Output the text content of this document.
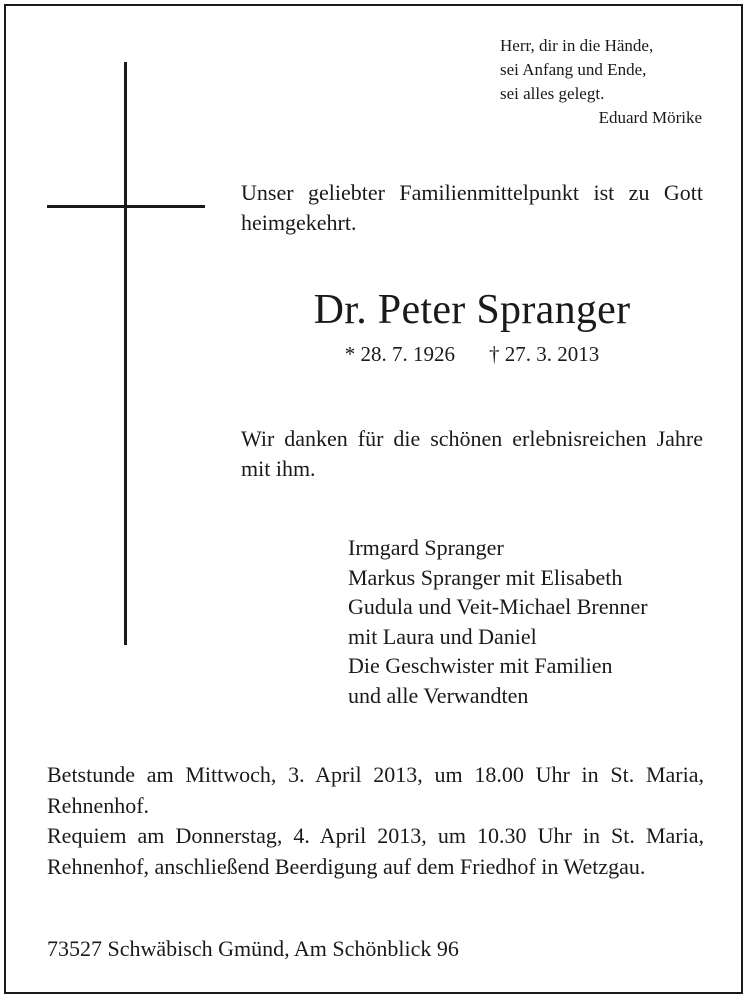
Herr, dir in die Hände,
sei Anfang und Ende,
sei alles gelegt.
Eduard Mörike
Unser geliebter Familienmittelpunkt ist zu Gott heimgekehrt.
Dr. Peter Spranger
* 28. 7. 1926 † 27. 3. 2013
Wir danken für die schönen erlebnisreichen Jahre mit ihm.
Irmgard Spranger
Markus Spranger mit Elisabeth
Gudula und Veit-Michael Brenner
mit Laura und Daniel
Die Geschwister mit Familien
und alle Verwandten

Betstunde am Mittwoch, 3. April 2013, um 18.00 Uhr in St. Maria, Rehnenhof.

Requiem am Donnerstag, 4. April 2013, um 10.30 Uhr in St. Maria, Rehnenhof, anschließend Beerdigung auf dem Friedhof in Wetzgau.

73527 Schwäbisch Gmünd, Am Schönblick 96
